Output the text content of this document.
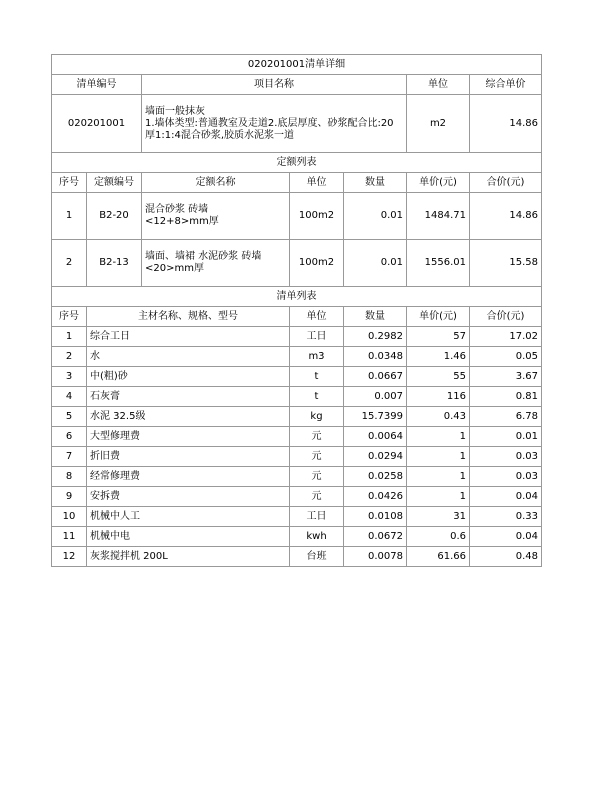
020201001清单详细						
清单编号		项目名称			单位	综合单价
020201001		墙面一般抹灰
1.墙体类型:普通教室及走道2.底层厚度、砂浆配合比:20厚1:1:4混合砂浆,胶质水泥浆一道			m2	14.86
定额列表						
序号	定额编号	定额名称	单位	数量	单价(元)	合价(元)
1	B2-20	混合砂浆 砖墙
<12+8>mm厚	100m2	0.01	1484.71	14.86
2	B2-13	墙面、墙裙 水泥砂浆 砖墙
<20>mm厚	100m2	0.01	1556.01	15.58
清单列表						
序号	主材名称、规格、型号		单位	数量	单价(元)	合价(元)
1	综合工日		工日	0.2982	57	17.02
2	水		m3	0.0348	1.46	0.05
3	中(粗)砂		t	0.0667	55	3.67
4	石灰膏		t	0.007	116	0.81
5	水泥 32.5级		kg	15.7399	0.43	6.78
6	大型修理费		元	0.0064	1	0.01
7	折旧费		元	0.0294	1	0.03
8	经常修理费		元	0.0258	1	0.03
9	安拆费		元	0.0426	1	0.04
10	机械中人工		工日	0.0108	31	0.33
11	机械中电		kwh	0.0672	0.6	0.04
12	灰浆搅拌机 200L		台班	0.0078	61.66	0.48
